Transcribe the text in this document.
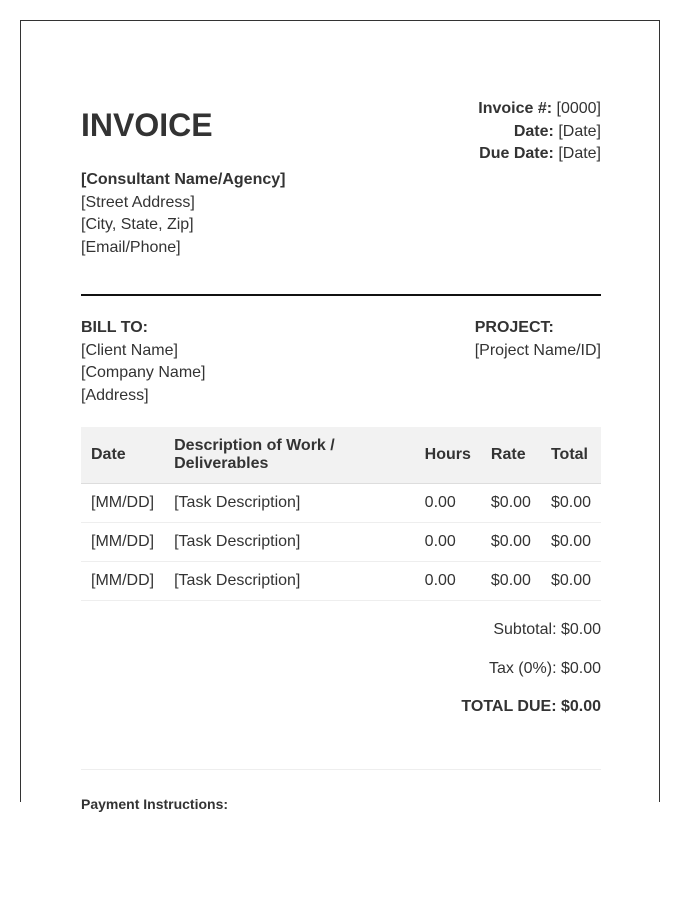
INVOICE	Invoice #: [0000]
Date: [Date]
Due Date: [Date]
[Consultant Name/Agency]
[Street Address]
[City, State, Zip]
[Email/Phone]
BILL TO:
[Client Name]
[Company Name]
[Address]
PROJECT:
[Project Name/ID]
Date	Description of Work / Deliverables	Hours	Rate	Total
[MM/DD]	[Task Description]	0.00	$0.00	$0.00
[MM/DD]	[Task Description]	0.00	$0.00	$0.00
[MM/DD]	[Task Description]	0.00	$0.00	$0.00
Subtotal: $0.00
Tax (0%): $0.00
TOTAL DUE: $0.00
Payment Instructions:
